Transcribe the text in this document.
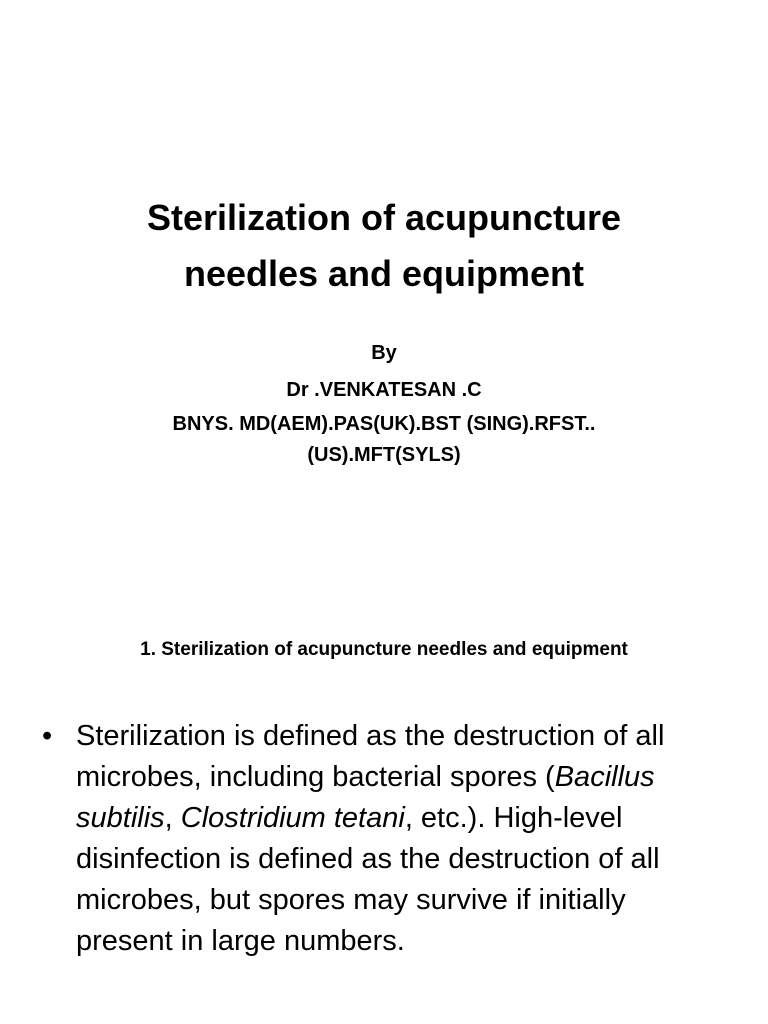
Sterilization of acupuncture
needles and equipment
By
Dr .VENKATESAN .C
BNYS. MD(AEM).PAS(UK).BST (SING).RFST..
(US).MFT(SYLS)
1. Sterilization of acupuncture needles and equipment
• Sterilization is defined as the destruction of all microbes, including bacterial spores (Bacillus subtilis, Clostridium tetani, etc.). High-level disinfection is defined as the destruction of all microbes, but spores may survive if initially present in large numbers.
